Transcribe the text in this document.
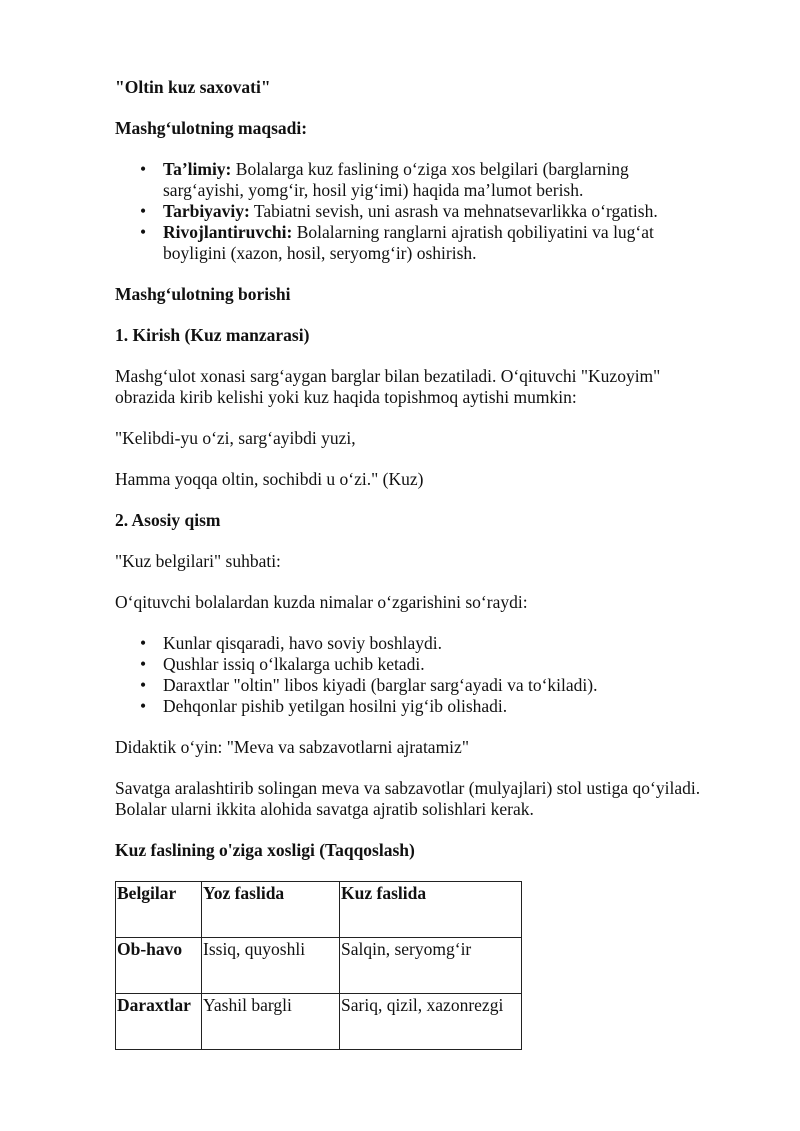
"Oltin kuz saxovati"

Mashg‘ulotning maqsadi:

• Ta’limiy: Bolalarga kuz faslining o‘ziga xos belgilari (barglarning sarg‘ayishi, yomg‘ir, hosil yig‘imi) haqida ma’lumot berish.
• Tarbiyaviy: Tabiatni sevish, uni asrash va mehnatsevarlikka o‘rgatish.
• Rivojlantiruvchi: Bolalarning ranglarni ajratish qobiliyatini va lug‘at boyligini (xazon, hosil, seryomg‘ir) oshirish.

Mashg‘ulotning borishi

1. Kirish (Kuz manzarasi)

Mashg‘ulot xonasi sarg‘aygan barglar bilan bezatiladi. O‘qituvchi "Kuzoyim" obrazida kirib kelishi yoki kuz haqida topishmoq aytishi mumkin:

"Kelibdi-yu o‘zi, sarg‘ayibdi yuzi,

Hamma yoqqa oltin, sochibdi u o‘zi." (Kuz)

2. Asosiy qism

"Kuz belgilari" suhbati:

O‘qituvchi bolalardan kuzda nimalar o‘zgarishini so‘raydi:

• Kunlar qisqaradi, havo soviy boshlaydi.
• Qushlar issiq o‘lkalarga uchib ketadi.
• Daraxtlar "oltin" libos kiyadi (barglar sarg‘ayadi va to‘kiladi).
• Dehqonlar pishib yetilgan hosilni yig‘ib olishadi.

Didaktik o‘yin: "Meva va sabzavotlarni ajratamiz"

Savatga aralashtirib solingan meva va sabzavotlar (mulyajlari) stol ustiga qo‘yiladi. Bolalar ularni ikkita alohida savatga ajratib solishlari kerak.

Kuz faslining o'ziga xosligi (Taqqoslash)

Belgilar	Yoz faslida	Kuz faslida
Ob-havo	Issiq, quyoshli	Salqin, seryomg‘ir
Daraxtlar	Yashil bargli	Sariq, qizil, xazonrezgi
